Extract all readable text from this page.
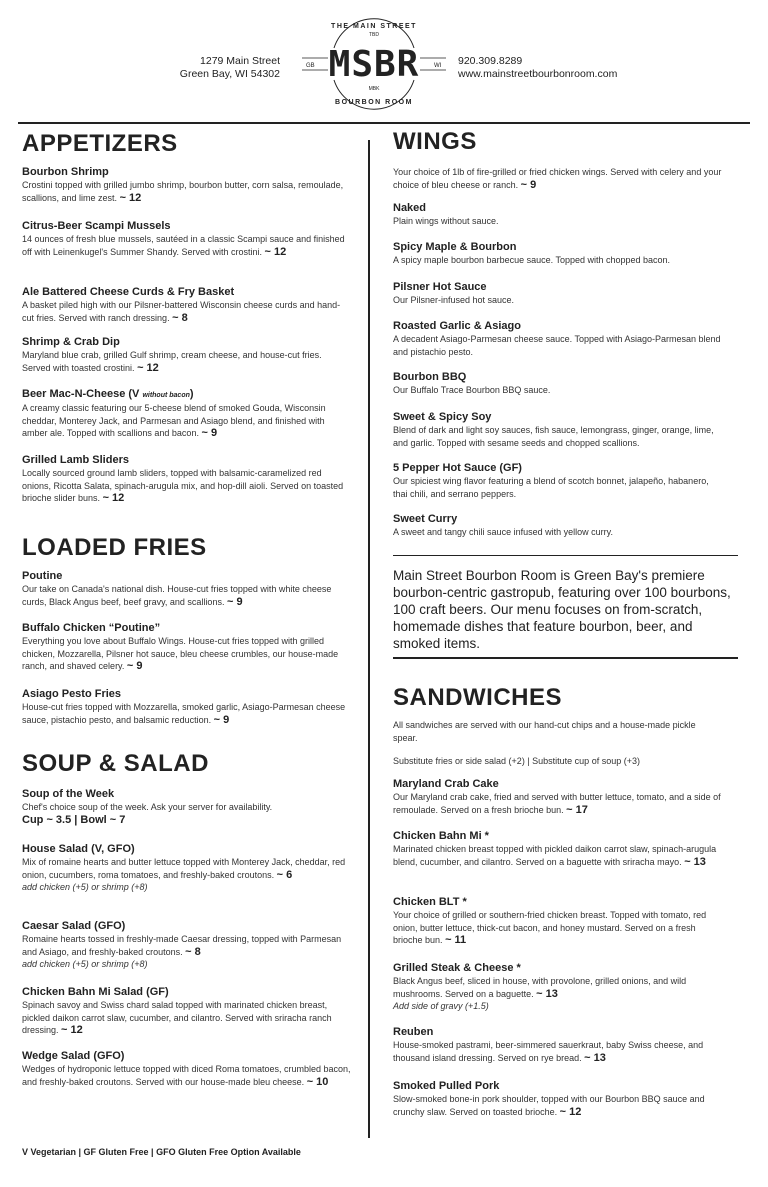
1279 Main Street
Green Bay, WI 54302
THE MAIN STREET
TBD
MSBR
GB	WI
MBK
BOURBON ROOM
920.309.8289
www.mainstreetbourbonroom.com
APPETIZERS
Bourbon Shrimp
Crostini topped with grilled jumbo shrimp, bourbon butter, corn salsa, remoulade, scallions, and lime zest. ~ 12
Citrus-Beer Scampi Mussels
14 ounces of fresh blue mussels, sautéed in a classic Scampi sauce and finished off with Leinenkugel's Summer Shandy. Served with crostini. ~ 12
Ale Battered Cheese Curds & Fry Basket
A basket piled high with our Pilsner-battered Wisconsin cheese curds and hand-cut fries. Served with ranch dressing. ~ 8
Shrimp & Crab Dip
Maryland blue crab, grilled Gulf shrimp, cream cheese, and house-cut fries. Served with toasted crostini. ~ 12
Beer Mac-N-Cheese (V without bacon)
A creamy classic featuring our 5-cheese blend of smoked Gouda, Wisconsin cheddar, Monterey Jack, and Parmesan and Asiago blend, and finished with amber ale. Topped with scallions and bacon. ~ 9
Grilled Lamb Sliders
Locally sourced ground lamb sliders, topped with balsamic-caramelized red onions, Ricotta Salata, spinach-arugula mix, and hop-dill aioli. Served on toasted brioche slider buns. ~ 12
LOADED FRIES
Poutine
Our take on Canada's national dish. House-cut fries topped with white cheese curds, Black Angus beef, beef gravy, and scallions. ~ 9
Buffalo Chicken “Poutine”
Everything you love about Buffalo Wings. House-cut fries topped with grilled chicken, Mozzarella, Pilsner hot sauce, bleu cheese crumbles, our house-made ranch, and shaved celery. ~ 9
Asiago Pesto Fries
House-cut fries topped with Mozzarella, smoked garlic, Asiago-Parmesan cheese sauce, pistachio pesto, and balsamic reduction. ~ 9
SOUP & SALAD
Soup of the Week
Chef's choice soup of the week. Ask your server for availability.
Cup ~ 3.5 | Bowl ~ 7
House Salad (V, GFO)
Mix of romaine hearts and butter lettuce topped with Monterey Jack, cheddar, red onion, cucumbers, roma tomatoes, and freshly-baked croutons. ~ 6
add chicken (+5) or shrimp (+8)
Caesar Salad (GFO)
Romaine hearts tossed in freshly-made Caesar dressing, topped with Parmesan and Asiago, and freshly-baked croutons. ~ 8
add chicken (+5) or shrimp (+8)
Chicken Bahn Mi Salad (GF)
Spinach savoy and Swiss chard salad topped with marinated chicken breast, pickled daikon carrot slaw, cucumber, and cilantro. Served with sriracha ranch dressing. ~ 12
Wedge Salad (GFO)
Wedges of hydroponic lettuce topped with diced Roma tomatoes, crumbled bacon, and freshly-baked croutons. Served with our house-made bleu cheese. ~ 10
WINGS
Your choice of 1lb of fire-grilled or fried chicken wings. Served with celery and your choice of bleu cheese or ranch. ~ 9
Naked
Plain wings without sauce.
Spicy Maple & Bourbon
A spicy maple bourbon barbecue sauce. Topped with chopped bacon.
Pilsner Hot Sauce
Our Pilsner-infused hot sauce.
Roasted Garlic & Asiago
A decadent Asiago-Parmesan cheese sauce. Topped with Asiago-Parmesan blend and pistachio pesto.
Bourbon BBQ
Our Buffalo Trace Bourbon BBQ sauce.
Sweet & Spicy Soy
Blend of dark and light soy sauces, fish sauce, lemongrass, ginger, orange, lime, and garlic. Topped with sesame seeds and chopped scallions.
5 Pepper Hot Sauce (GF)
Our spiciest wing flavor featuring a blend of scotch bonnet, jalapeño, habanero, thai chili, and serrano peppers.
Sweet Curry
A sweet and tangy chili sauce infused with yellow curry.
Main Street Bourbon Room is Green Bay's premiere bourbon-centric gastropub, featuring over 100 bourbons, 100 craft beers. Our menu focuses on from-scratch, homemade dishes that feature bourbon, beer, and smoked items.
SANDWICHES
All sandwiches are served with our hand-cut chips and a house-made pickle spear.
Substitute fries or side salad (+2) | Substitute cup of soup (+3)
Maryland Crab Cake
Our Maryland crab cake, fried and served with butter lettuce, tomato, and a side of remoulade. Served on a fresh brioche bun. ~ 17
Chicken Bahn Mi *
Marinated chicken breast topped with pickled daikon carrot slaw, spinach-arugula blend, cucumber, and cilantro. Served on a baguette with sriracha mayo. ~ 13
Chicken BLT *
Your choice of grilled or southern-fried chicken breast. Topped with tomato, red onion, butter lettuce, thick-cut bacon, and honey mustard. Served on a fresh brioche bun. ~ 11
Grilled Steak & Cheese *
Black Angus beef, sliced in house, with provolone, grilled onions, and wild mushrooms. Served on a baguette. ~ 13
Add side of gravy (+1.5)
Reuben
House-smoked pastrami, beer-simmered sauerkraut, baby Swiss cheese, and thousand island dressing. Served on rye bread. ~ 13
Smoked Pulled Pork
Slow-smoked bone-in pork shoulder, topped with our Bourbon BBQ sauce and crunchy slaw. Served on toasted brioche. ~ 12
V Vegetarian | GF Gluten Free | GFO Gluten Free Option Available
